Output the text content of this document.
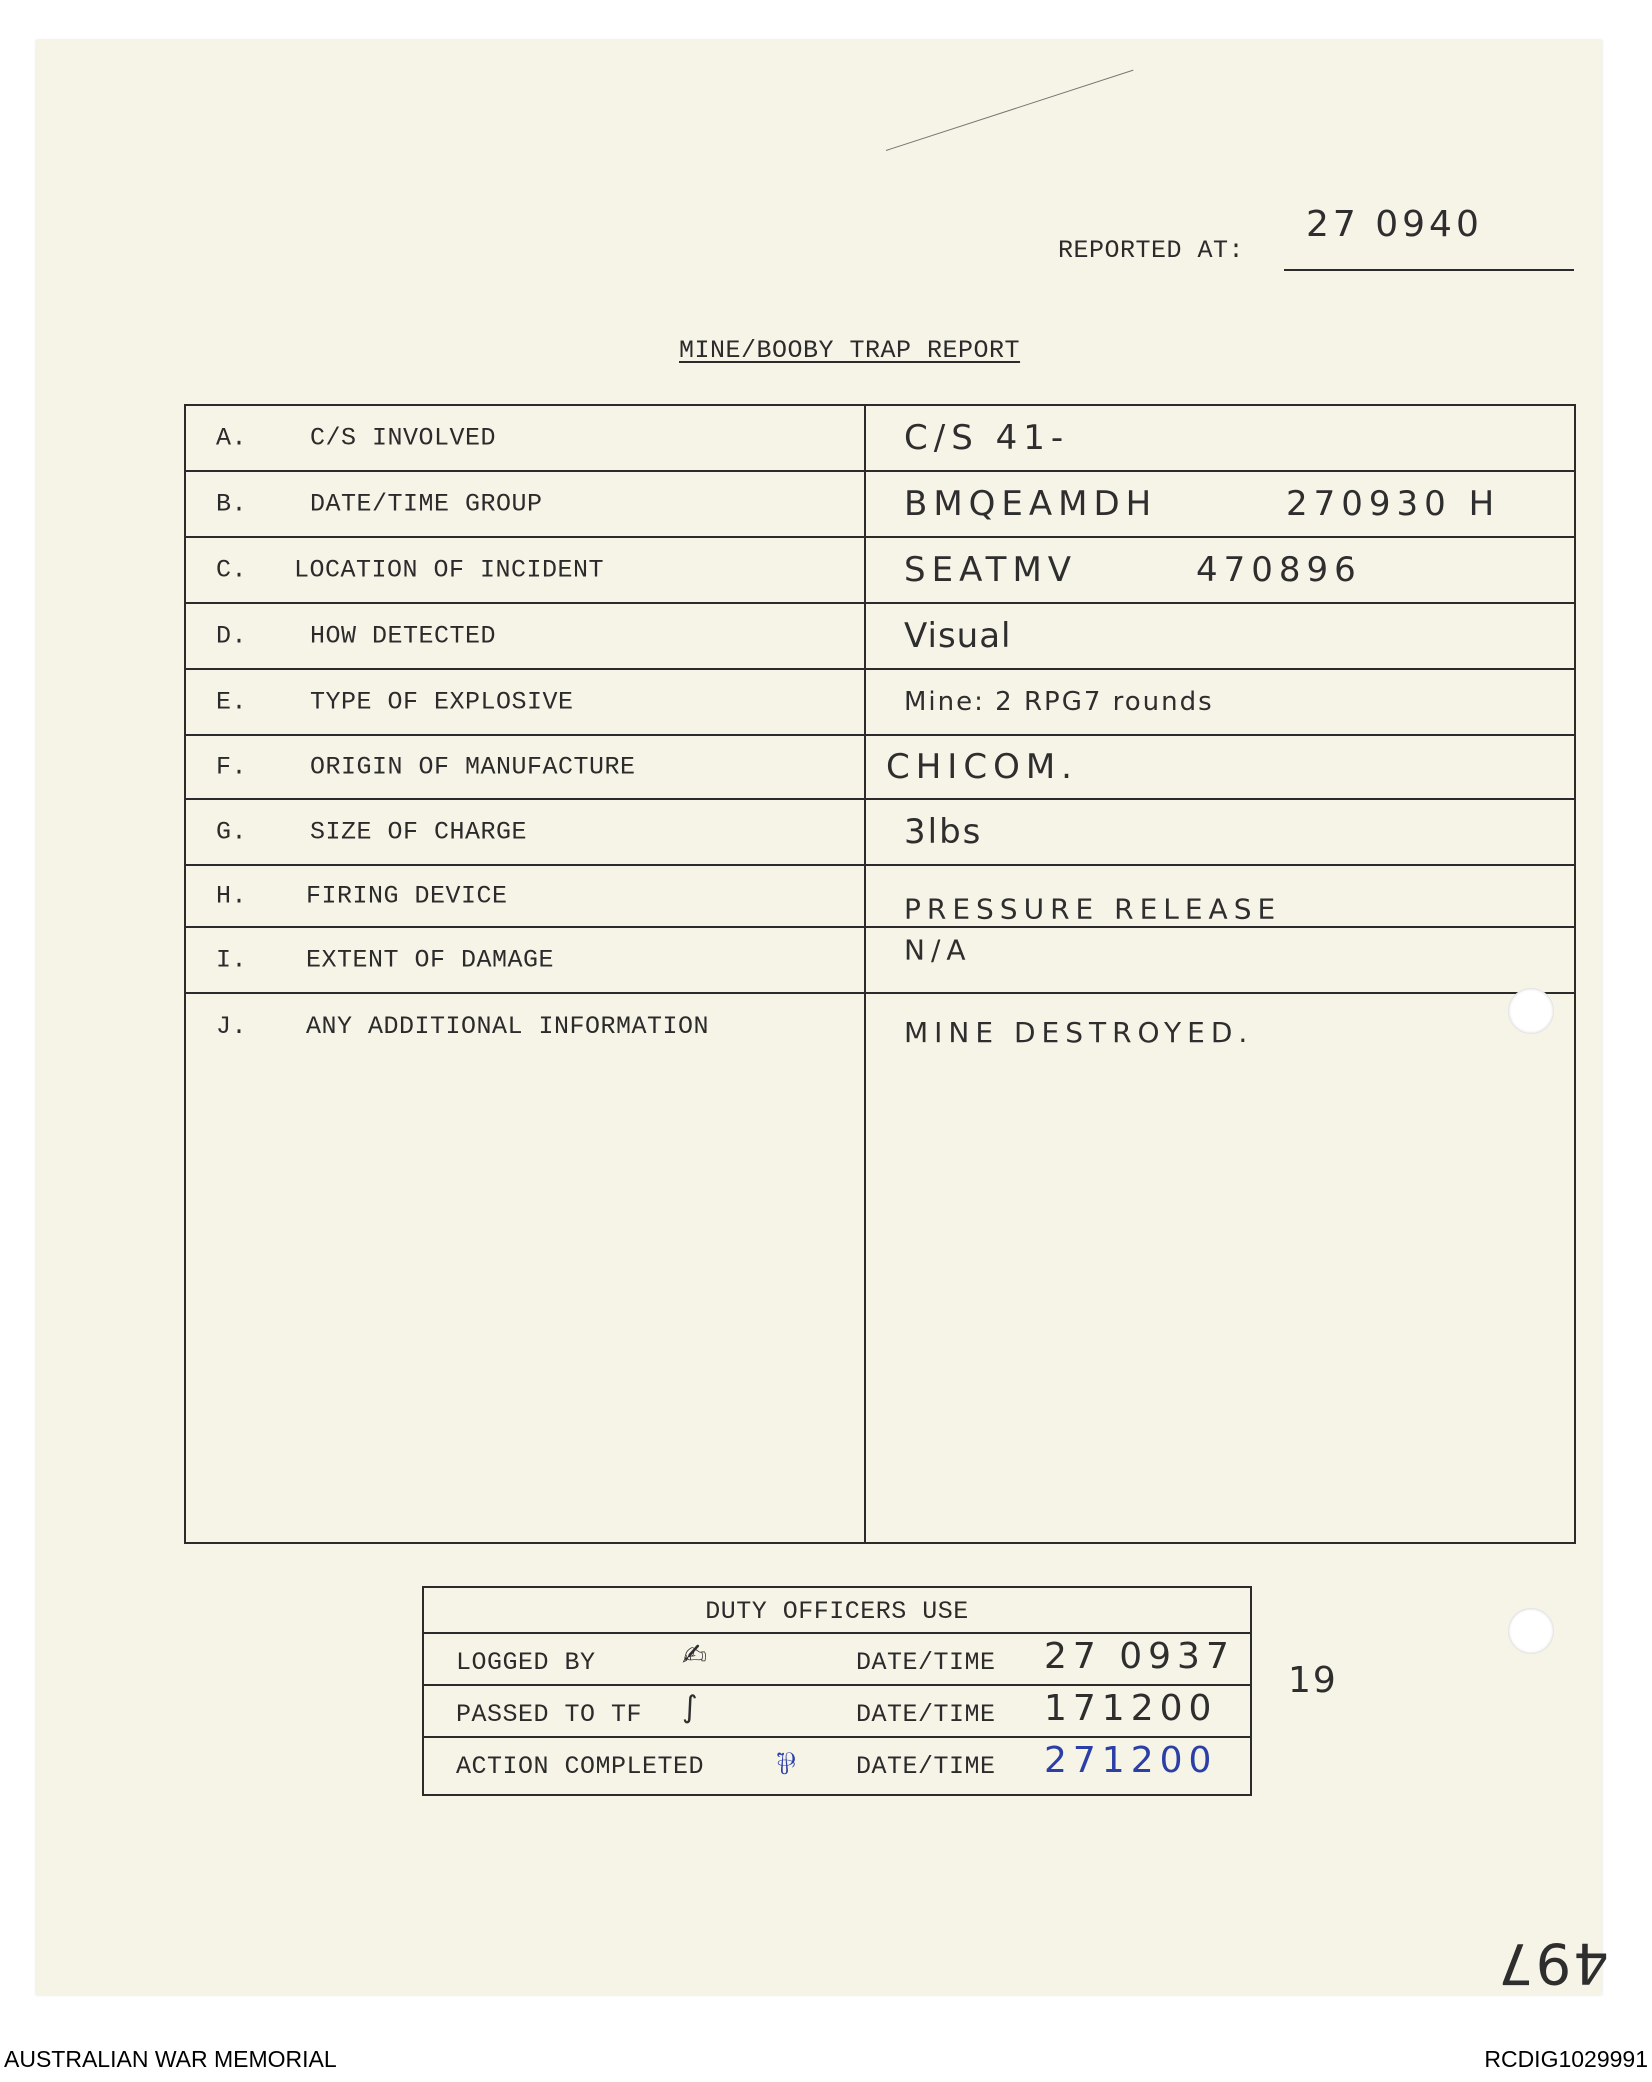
REPORTED AT:
27 0940
MINE/BOOBY TRAP REPORT
A.	C/S INVOLVED	C/S 41-
B.	DATE/TIME GROUP	BMQEAMDH	270930 H
C. LOCATION OF INCIDENT	SEATMV	470896
D.	HOW DETECTED	Visual
E.	TYPE OF EXPLOSIVE	Mine: 2 RPG7 rounds
F.	ORIGIN OF MANUFACTURE	CHICOM.
G.	SIZE OF CHARGE	3lbs
H. FIRING DEVICE	PRESSURE RELEASE
I. EXTENT OF DAMAGE	N/A
J. ANY ADDITIONAL INFORMATION	MINE DESTROYED.
DUTY OFFICERS USE
LOGGED BY	✍	DATE/TIME 27 0937
PASSED TO TF ∫	DATE/TIME 171200
ACTION COMPLETED ⅌ DATE/TIME 271200
19
497
AUSTRALIAN WAR MEMORIAL	RCDIG1029991
